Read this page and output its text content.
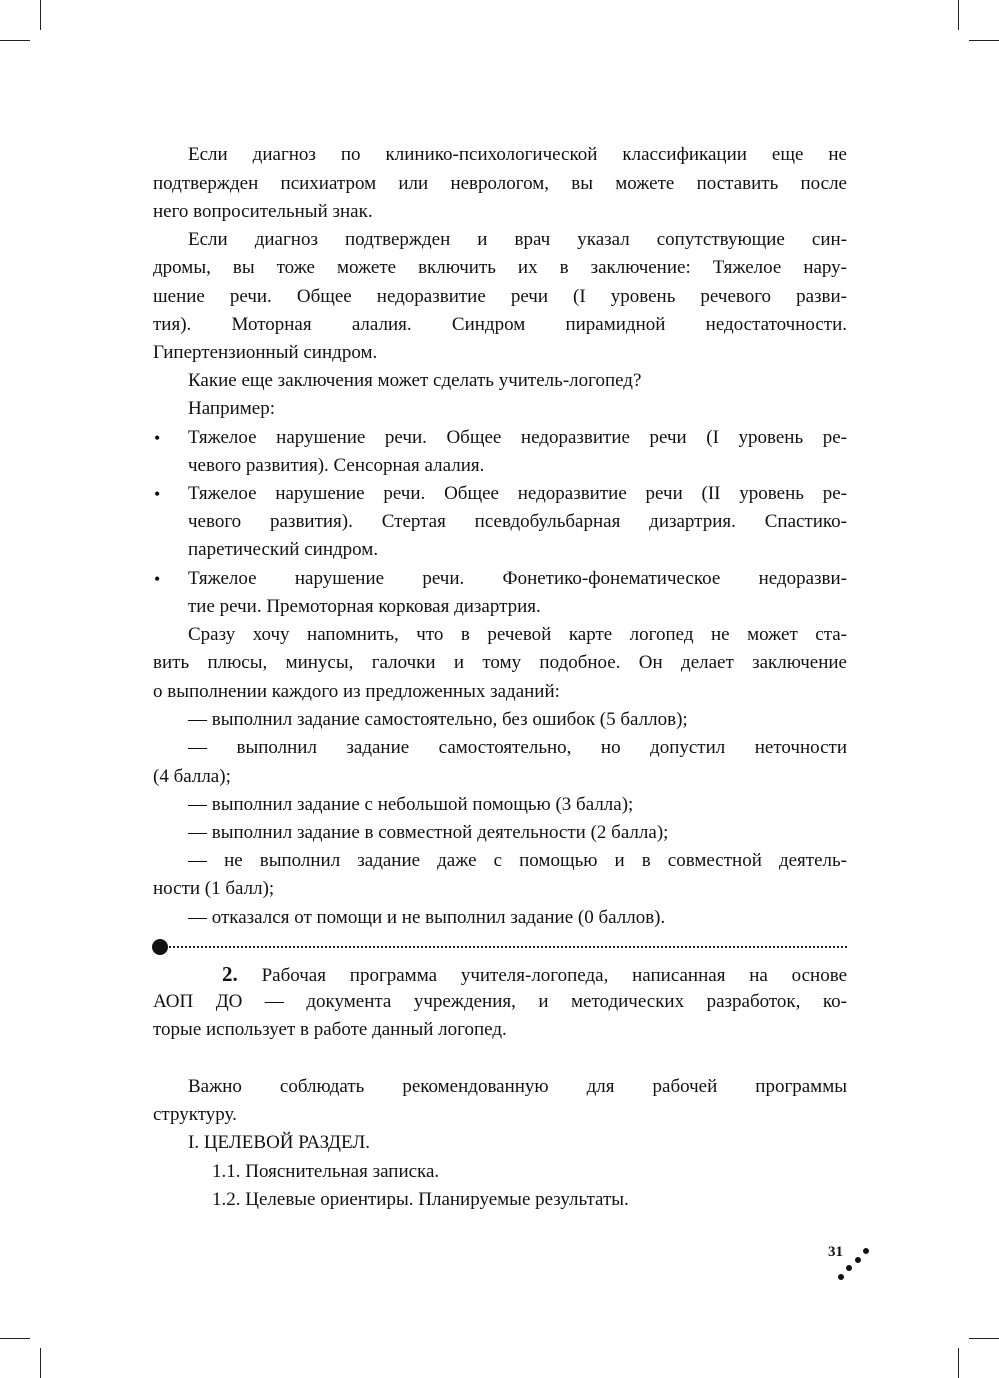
Если диагноз по клинико-психологической классификации еще не
подтвержден психиатром или неврологом, вы можете поставить после
него вопросительный знак.
Если диагноз подтвержден и врач указал сопутствующие син-
дромы, вы тоже можете включить их в заключение: Тяжелое нару-
шение речи. Общее недоразвитие речи (I уровень речевого разви-
тия). Моторная алалия. Синдром пирамидной недостаточности.
Гипертензионный синдром.
Какие еще заключения может сделать учитель-логопед?
Например:
• Тяжелое нарушение речи. Общее недоразвитие речи (I уровень ре-
чевого развития). Сенсорная алалия.
• Тяжелое нарушение речи. Общее недоразвитие речи (II уровень ре-
чевого развития). Стертая псевдобульбарная дизартрия. Спастико-
паретический синдром.
• Тяжелое нарушение речи. Фонетико-фонематическое недоразви-
тие речи. Премоторная корковая дизартрия.
Сразу хочу напомнить, что в речевой карте логопед не может ста-
вить плюсы, минусы, галочки и тому подобное. Он делает заключение
о выполнении каждого из предложенных заданий:
— выполнил задание самостоятельно, без ошибок (5 баллов);
— выполнил задание самостоятельно, но допустил неточности
(4 балла);
— выполнил задание с небольшой помощью (3 балла);
— выполнил задание в совместной деятельности (2 балла);
— не выполнил задание даже с помощью и в совместной деятель-
ности (1 балл);
— отказался от помощи и не выполнил задание (0 баллов).
2. Рабочая программа учителя-логопеда, написанная на основе
АОП ДО — документа учреждения, и методических разработок, ко-
торые использует в работе данный логопед.
Важно соблюдать рекомендованную для рабочей программы
структуру.
I. ЦЕЛЕВОЙ РАЗДЕЛ.
1.1. Пояснительная записка.
1.2. Целевые ориентиры. Планируемые результаты.
31
